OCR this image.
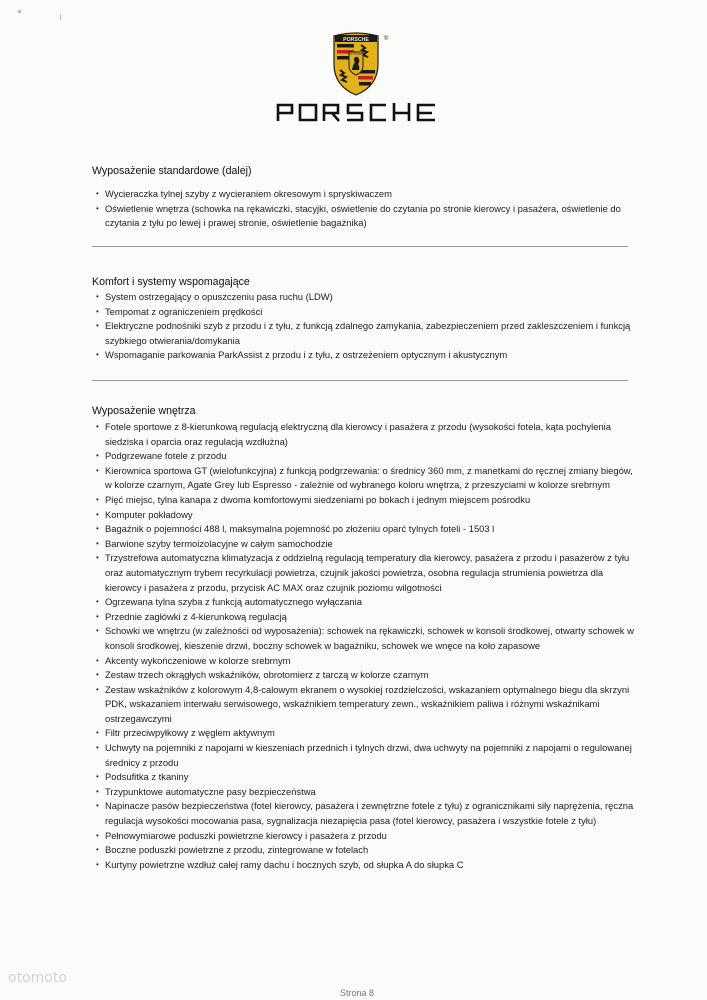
PORSCHE
STUTTGART
®
Wyposażenie standardowe (dalej)
• Wycieraczka tylnej szyby z wycieraniem okresowym i spryskiwaczem
• Oświetlenie wnętrza (schowka na rękawiczki, stacyjki, oświetlenie do czytania po stronie kierowcy i pasażera, oświetlenie do czytania z tyłu po lewej i prawej stronie, oświetlenie bagażnika)
Komfort i systemy wspomagające
• System ostrzegający o opuszczeniu pasa ruchu (LDW)
• Tempomat z ograniczeniem prędkości
• Elektryczne podnośniki szyb z przodu i z tyłu, z funkcją zdalnego zamykania, zabezpieczeniem przed zakleszczeniem i funkcją szybkiego otwierania/domykania
• Wspomaganie parkowania ParkAssist z przodu i z tyłu, z ostrzeżeniem optycznym i akustycznym
Wyposażenie wnętrza
• Fotele sportowe z 8-kierunkową regulacją elektryczną dla kierowcy i pasażera z przodu (wysokości fotela, kąta pochylenia siedziska i oparcia oraz regulacją wzdłużna)
• Podgrzewane fotele z przodu
• Kierownica sportowa GT (wielofunkcyjna) z funkcją podgrzewania: o średnicy 360 mm, z manetkami do ręcznej zmiany biegów, w kolorze czarnym, Agate Grey lub Espresso - zależnie od wybranego koloru wnętrza, z przeszyciami w kolorze srebrnym
• Pięć miejsc, tylna kanapa z dwoma komfortowymi siedzeniami po bokach i jednym miejscem pośrodku
• Komputer pokładowy
• Bagażnik o pojemności 488 l, maksymalna pojemność po złożeniu oparć tylnych foteli - 1503 l
• Barwione szyby termoizolacyjne w całym samochodzie
• Trzystrefowa automatyczna klimatyzacja z oddzielną regulacją temperatury dla kierowcy, pasażera z przodu i pasażerów z tyłu oraz automatycznym trybem recyrkulacji powietrza, czujnik jakości powietrza, osobna regulacja strumienia powietrza dla kierowcy i pasażera z przodu, przycisk AC MAX oraz czujnik poziomu wilgotności
• Ogrzewana tylna szyba z funkcją automatycznego wyłączania
• Przednie zagłówki z 4-kierunkową regulacją
• Schowki we wnętrzu (w zależności od wyposażenia): schowek na rękawiczki, schowek w konsoli środkowej, otwarty schowek w konsoli środkowej, kieszenie drzwi, boczny schowek w bagażniku, schowek we wnęce na koło zapasowe
• Akcenty wykończeniowe w kolorze srebrnym
• Zestaw trzech okrągłych wskaźników, obrotomierz z tarczą w kolorze czarnym
• Zestaw wskaźników z kolorowym 4,8-calowym ekranem o wysokiej rozdzielczości, wskazaniem optymalnego biegu dla skrzyni PDK, wskazaniem interwału serwisowego, wskaźnikiem temperatury zewn., wskaźnikiem paliwa i różnymi wskaźnikami ostrzegawczymi
• Filtr przeciwpyłkowy z węglem aktywnym
• Uchwyty na pojemniki z napojami w kieszeniach przednich i tylnych drzwi, dwa uchwyty na pojemniki z napojami o regulowanej średnicy z przodu
• Podsufitka z tkaniny
• Trzypunktowe automatyczne pasy bezpieczeństwa
• Napinacze pasów bezpieczeństwa (fotel kierowcy, pasażera i zewnętrzne fotele z tyłu) z ogranicznikami siły naprężenia, ręczna regulacja wysokości mocowania pasa, sygnalizacja niezapięcia pasa (fotel kierowcy, pasażera i wszystkie fotele z tyłu)
• Pełnowymiarowe poduszki powietrzne kierowcy i pasażera z przodu
• Boczne poduszki powietrzne z przodu, zintegrowane w fotelach
• Kurtyny powietrzne wzdłuż całej ramy dachu i bocznych szyb, od słupka A do słupka C
otomoto
Strona 8
